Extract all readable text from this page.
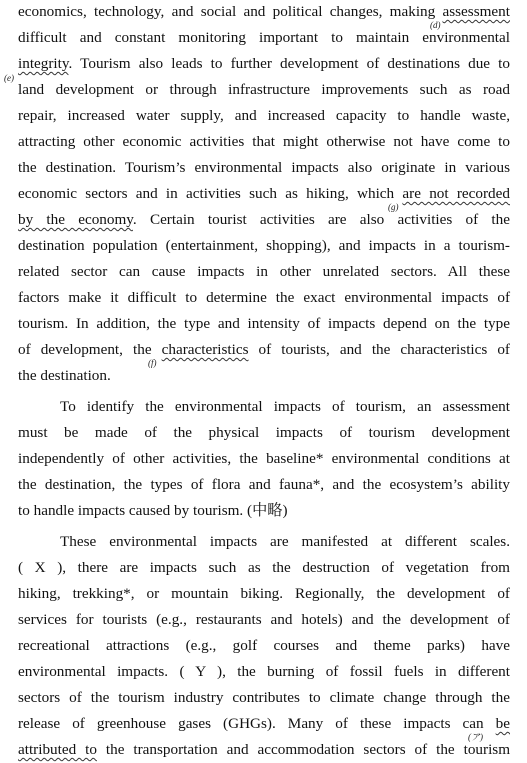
economics, technology, and social and political changes, making assessment
difficult and constant monitoring important to maintain environmental
integrity. Tourism also leads to further development of destinations due to
land development or through infrastructure improvements such as road
repair, increased water supply, and increased capacity to handle waste,
attracting other economic activities that might otherwise not have come to
the destination. Tourism’s environmental impacts also originate in various
economic sectors and in activities such as hiking, which are not recorded
by the economy. Certain tourist activities are also activities of the
destination population (entertainment, shopping), and impacts in a tourism-
related sector can cause impacts in other unrelated sectors. All these
factors make it difficult to determine the exact environmental impacts of
tourism. In addition, the type and intensity of impacts depend on the type
of development, the characteristics of tourists, and the characteristics of
the destination.
To identify the environmental impacts of tourism, an assessment
must be made of the physical impacts of tourism development
independently of other activities, the baseline* environmental conditions at
the destination, the types of flora and fauna*, and the ecosystem’s ability
to handle impacts caused by tourism. (中略)
These environmental impacts are manifested at different scales.
( X ), there are impacts such as the destruction of vegetation from
hiking, trekking*, or mountain biking. Regionally, the development of
services for tourists (e.g., restaurants and hotels) and the development of
recreational attractions (e.g., golf courses and theme parks) have
environmental impacts. ( Y ), the burning of fossil fuels in different
sectors of the tourism industry contributes to climate change through the
release of greenhouse gases (GHGs). Many of these impacts can be
attributed to the transportation and accommodation sectors of the tourism
(d)
(e)
(g)
(f)
(ア)
